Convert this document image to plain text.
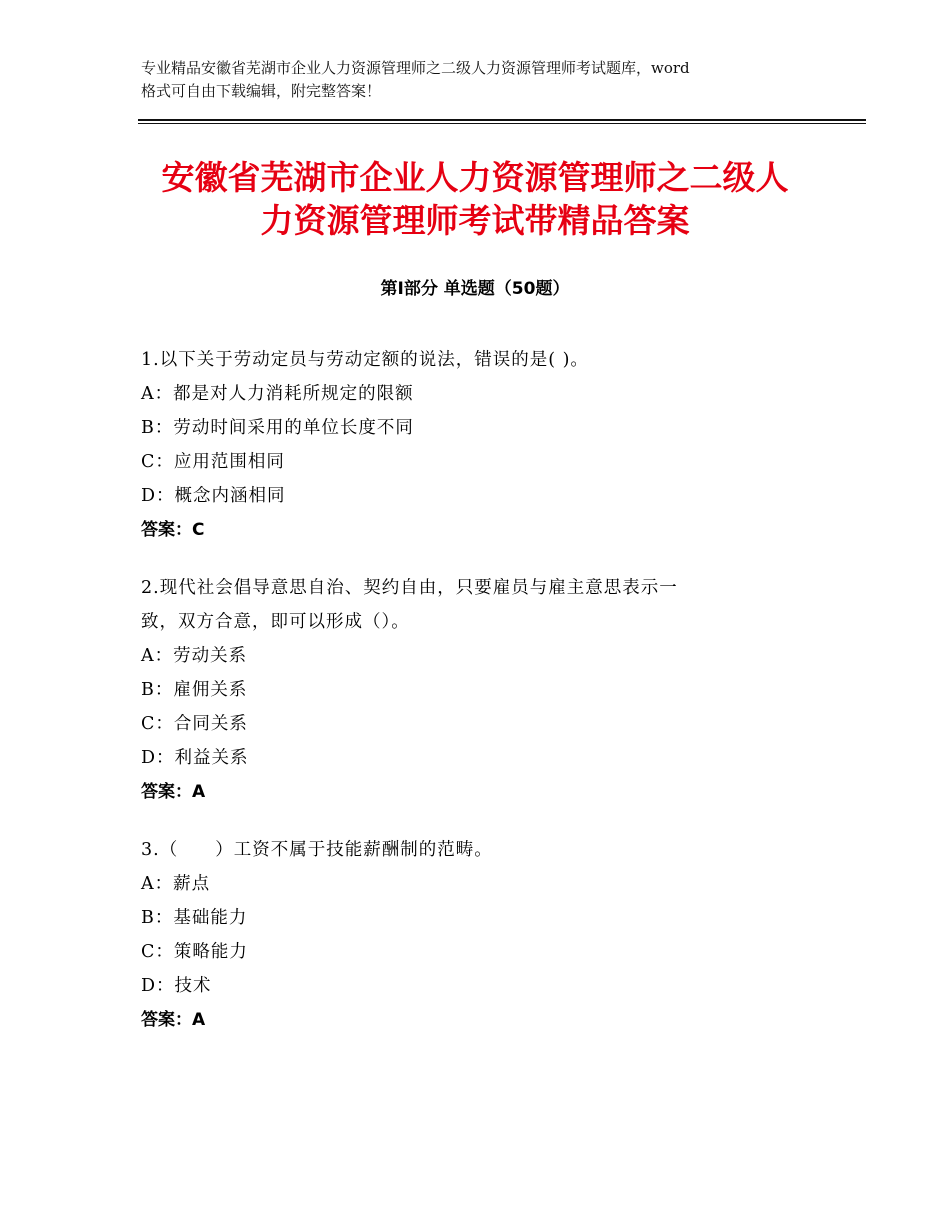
专业精品安徽省芜湖市企业人力资源管理师之二级人力资源管理师考试题库，word
格式可自由下载编辑，附完整答案！
安徽省芜湖市企业人力资源管理师之二级人
力资源管理师考试带精品答案
第Ⅰ部分 单选题（50题）
1.以下关于劳动定员与劳动定额的说法，错误的是( )。
A：都是对人力消耗所规定的限额
B：劳动时间采用的单位长度不同
C：应用范围相同
D：概念内涵相同
答案：C
2.现代社会倡导意思自治、契约自由，只要雇员与雇主意思表示一
致，双方合意，即可以形成（）。
A：劳动关系
B：雇佣关系
C：合同关系
D：利益关系
答案：A
3.（　　）工资不属于技能薪酬制的范畴。
A：薪点
B：基础能力
C：策略能力
D：技术
答案：A
